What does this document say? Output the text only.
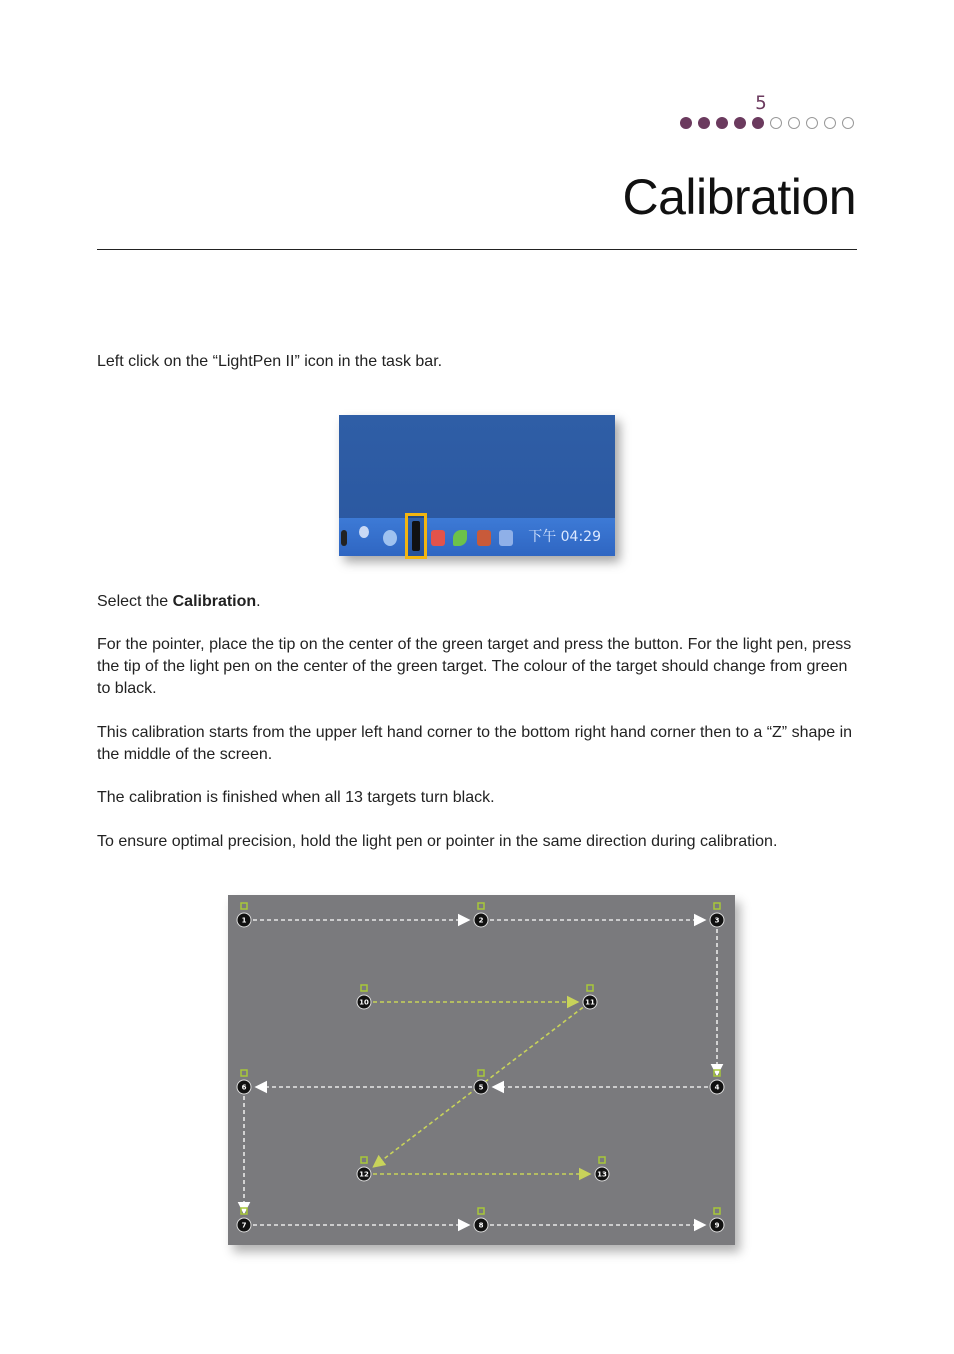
5
Calibration
Left click on the “LightPen II” icon in the task bar.
下午 04:29
Select the Calibration.
For the pointer, place the tip on the center of the green target and press the button. For the light pen, press the tip of the light pen on the center of the green target. The colour of the target should change from green to black.
This calibration starts from the upper left hand corner to the bottom right hand corner then to a “Z” shape in the middle of the screen.
The calibration is finished when all 13 targets turn black.
To ensure optimal precision, hold the light pen or pointer in the same direction during calibration.
1	2	3
4
5
6
7	8	9
10	11
12	13
